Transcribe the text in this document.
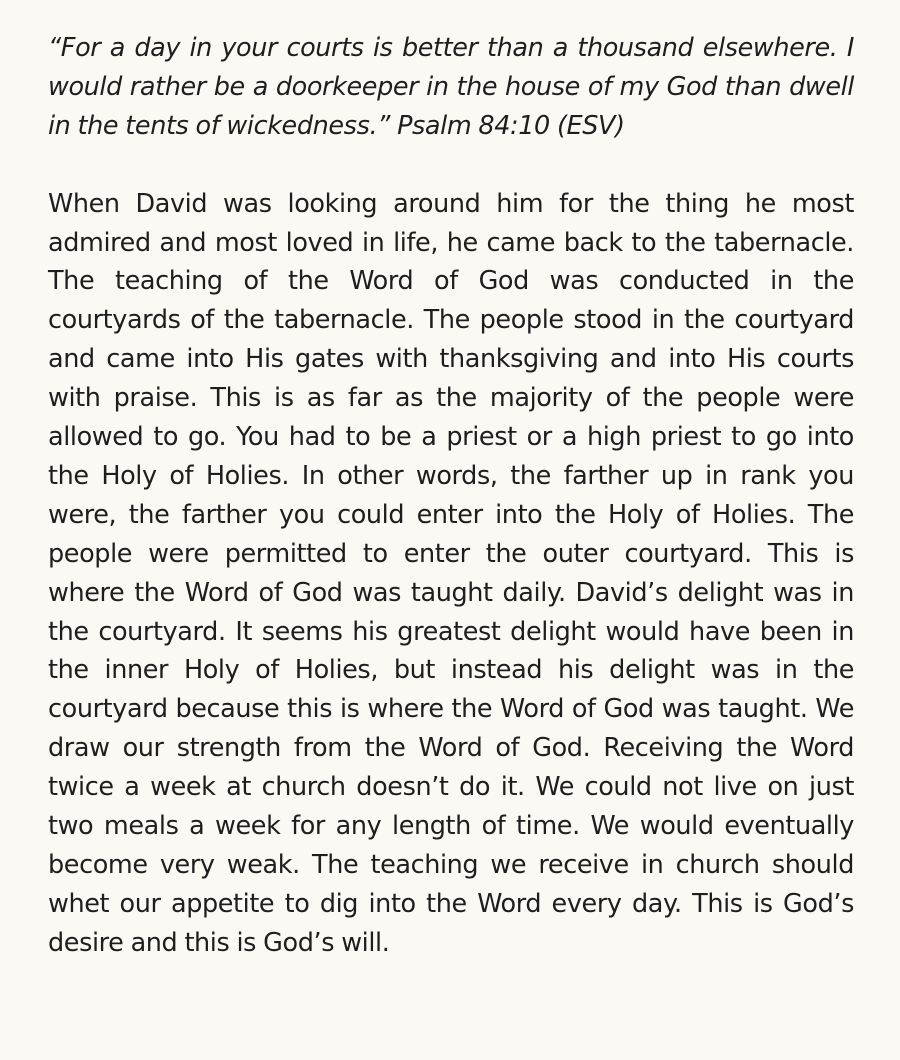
“For a day in your courts is better than a thousand elsewhere. I would rather be a doorkeeper in the house of my God than dwell in the tents of wickedness.” Psalm 84:10 (ESV)

When David was looking around him for the thing he most admired and most loved in life, he came back to the tabernacle. The teaching of the Word of God was conducted in the courtyards of the tabernacle. The people stood in the courtyard and came into His gates with thanksgiving and into His courts with praise. This is as far as the majority of the people were allowed to go. You had to be a priest or a high priest to go into the Holy of Holies. In other words, the farther up in rank you were, the farther you could enter into the Holy of Holies. The people were permitted to enter the outer courtyard. This is where the Word of God was taught daily. David’s delight was in the courtyard. It seems his greatest delight would have been in the inner Holy of Holies, but instead his delight was in the courtyard because this is where the Word of God was taught. We draw our strength from the Word of God. Receiving the Word twice a week at church doesn’t do it. We could not live on just two meals a week for any length of time. We would eventually become very weak. The teaching we receive in church should whet our appetite to dig into the Word every day. This is God’s desire and this is God’s will.
